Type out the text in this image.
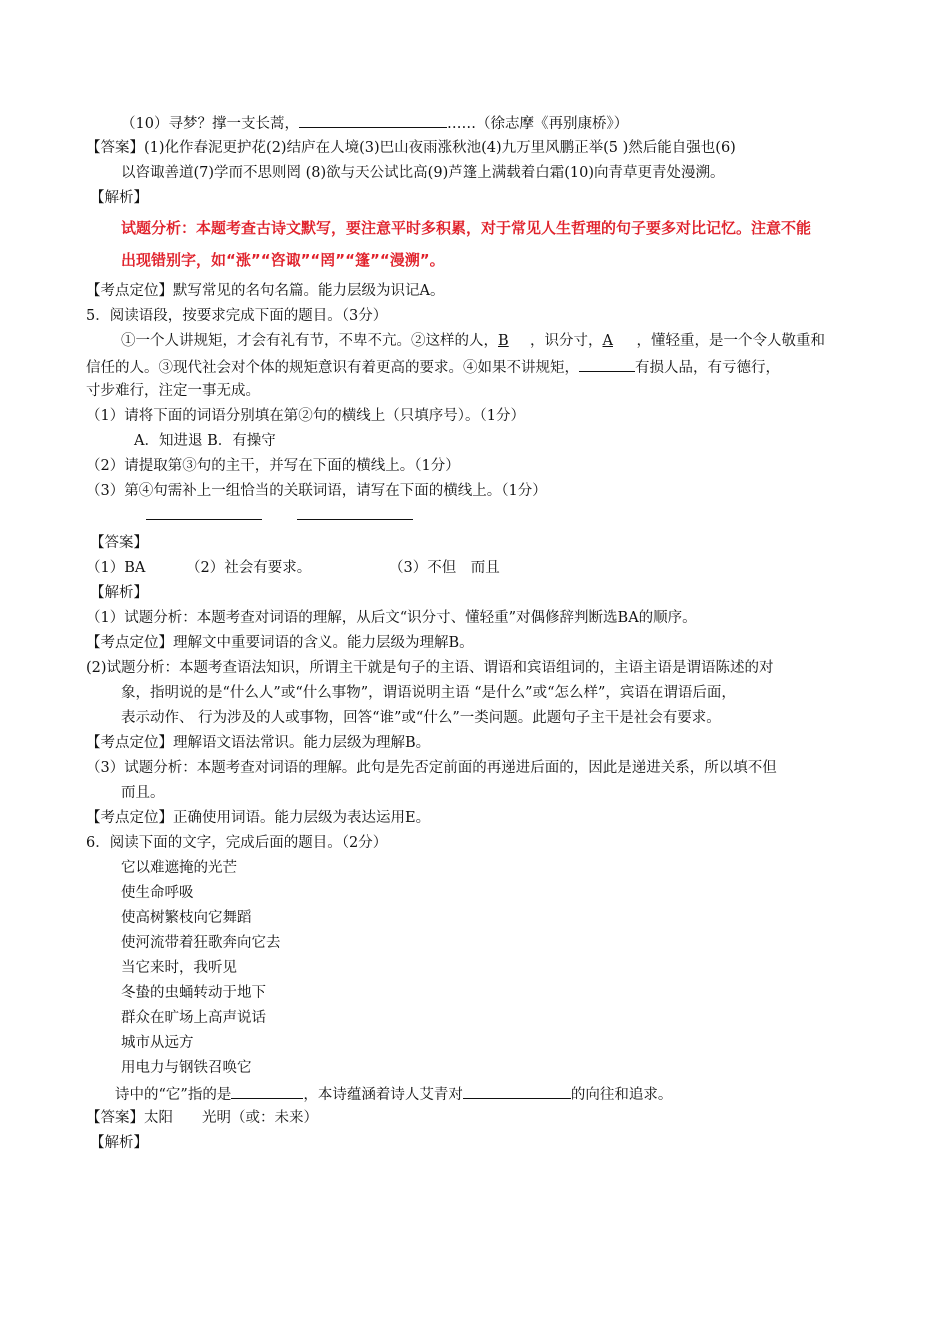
（10）寻梦？撑一支长蒿，	……（徐志摩《再别康桥》）
【答案】(1)化作春泥更护花(2)结庐在人境(3)巴山夜雨涨秋池(4)九万里风鹏正举(5 )然后能自强也(6)
以咨诹善道(7)学而不思则罔 (8)欲与天公试比高(9)芦篷上满载着白霜(10)向青草更青处漫溯。
【解析】
试题分析：本题考查古诗文默写，要注意平时多积累，对于常见人生哲理的句子要多对比记忆。注意不能
出现错别字，如“涨”“咨诹”“罔”“篷”“漫溯”。
【考点定位】默写常见的名句名篇。能力层级为识记A。
5．阅读语段，按要求完成下面的题目。（3分）
①一个人讲规矩，才会有礼有节，不卑不亢。②这样的人，B ，识分寸，A ，懂轻重，是一个令人敬重和
信任的人。③现代社会对个体的规矩意识有着更高的要求。④如果不讲规矩，	有损人品，有亏德行，
寸步难行，注定一事无成。
（1）请将下面的词语分别填在第②句的横线上（只填序号）。（1分）
A．知进退 B．有操守
（2）请提取第③句的主干，并写在下面的横线上。（1分）
（3）第④句需补上一组恰当的关联词语，请写在下面的横线上。（1分）
【答案】
（1）BA	（2）社会有要求。	（3）不但　而且
【解析】
（1）试题分析：本题考查对词语的理解，从后文“识分寸、懂轻重”对偶修辞判断选BA的顺序。
【考点定位】理解文中重要词语的含义。能力层级为理解B。
(2)试题分析：本题考查语法知识，所谓主干就是句子的主语、谓语和宾语组词的，主语主语是谓语陈述的对
象，指明说的是“什么人”或“什么事物”，谓语说明主语 “是什么”或“怎么样”，宾语在谓语后面，
表示动作、 行为涉及的人或事物，回答“谁”或“什么”一类问题。此题句子主干是社会有要求。
【考点定位】理解语文语法常识。能力层级为理解B。
（3）试题分析：本题考查对词语的理解。此句是先否定前面的再递进后面的，因此是递进关系，所以填不但
而且。
【考点定位】正确使用词语。能力层级为表达运用E。
6．阅读下面的文字，完成后面的题目。（2分）
它以难遮掩的光芒
使生命呼吸
使高树繁枝向它舞蹈
使河流带着狂歌奔向它去
当它来时，我听见
冬蛰的虫蛹转动于地下
群众在旷场上高声说话
城市从远方
用电力与钢铁召唤它
诗中的“它”指的是	，本诗蕴涵着诗人艾青对	的向往和追求。
【答案】太阳　　光明（或：未来）
【解析】
